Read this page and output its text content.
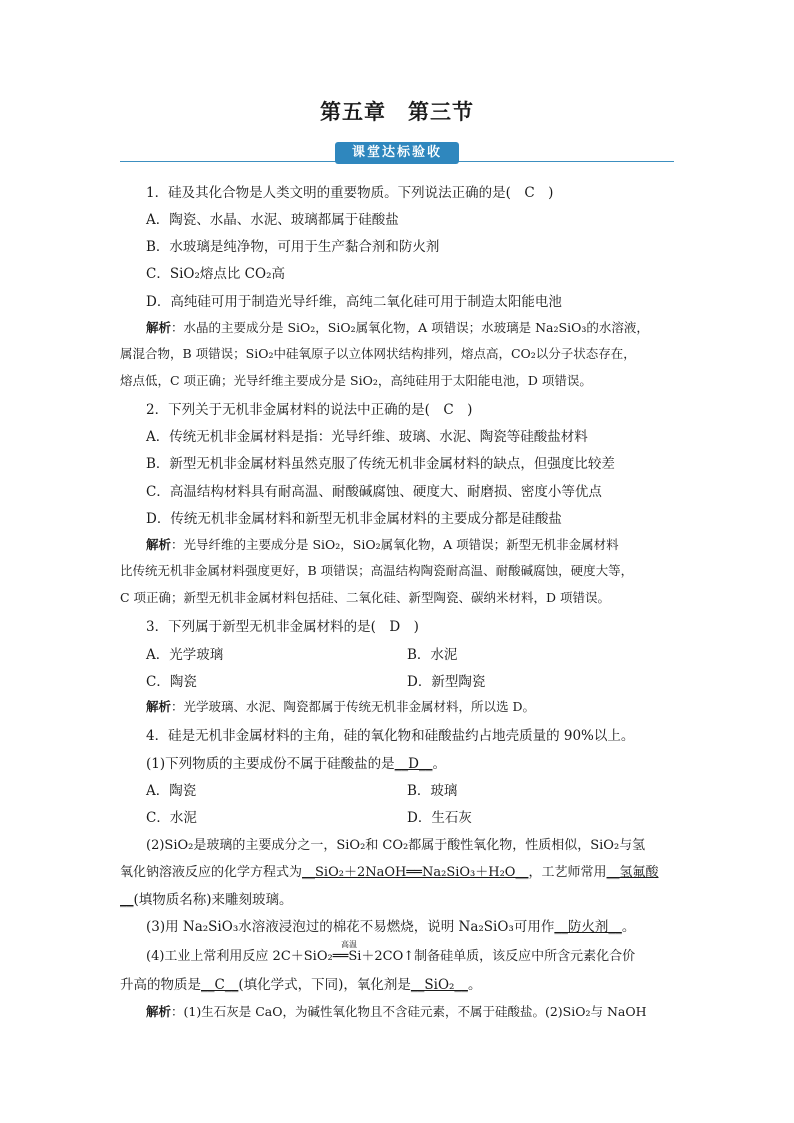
第五章　第三节
课堂达标验收
1．硅及其化合物是人类文明的重要物质。下列说法正确的是(　C　)
A．陶瓷、水晶、水泥、玻璃都属于硅酸盐
B．水玻璃是纯净物，可用于生产黏合剂和防火剂
C．SiO₂熔点比 CO₂高
D．高纯硅可用于制造光导纤维，高纯二氧化硅可用于制造太阳能电池
解析：水晶的主要成分是 SiO₂，SiO₂属氧化物，A 项错误；水玻璃是 Na₂SiO₃的水溶液，
属混合物，B 项错误；SiO₂中硅氧原子以立体网状结构排列，熔点高，CO₂以分子状态存在，
熔点低，C 项正确；光导纤维主要成分是 SiO₂，高纯硅用于太阳能电池，D 项错误。
2．下列关于无机非金属材料的说法中正确的是(　C　)
A．传统无机非金属材料是指：光导纤维、玻璃、水泥、陶瓷等硅酸盐材料
B．新型无机非金属材料虽然克服了传统无机非金属材料的缺点，但强度比较差
C．高温结构材料具有耐高温、耐酸碱腐蚀、硬度大、耐磨损、密度小等优点
D．传统无机非金属材料和新型无机非金属材料的主要成分都是硅酸盐
解析：光导纤维的主要成分是 SiO₂，SiO₂属氧化物，A 项错误；新型无机非金属材料
比传统无机非金属材料强度更好，B 项错误；高温结构陶瓷耐高温、耐酸碱腐蚀，硬度大等，
C 项正确；新型无机非金属材料包括硅、二氧化硅、新型陶瓷、碳纳米材料，D 项错误。
3．下列属于新型无机非金属材料的是(　D　)
A．光学玻璃	B．水泥
C．陶瓷	D．新型陶瓷
解析：光学玻璃、水泥、陶瓷都属于传统无机非金属材料，所以选 D。
4．硅是无机非金属材料的主角，硅的氧化物和硅酸盐约占地壳质量的 90%以上。
(1)下列物质的主要成份不属于硅酸盐的是__D__。
A．陶瓷	B．玻璃
C．水泥	D．生石灰
(2)SiO₂是玻璃的主要成分之一，SiO₂和 CO₂都属于酸性氧化物，性质相似，SiO₂与氢
氧化钠溶液反应的化学方程式为__SiO₂＋2NaOH══Na₂SiO₃＋H₂O__，工艺师常用__氢氟酸
__(填物质名称)来雕刻玻璃。
(3)用 Na₂SiO₃水溶液浸泡过的棉花不易燃烧，说明 Na₂SiO₃可用作__防火剂__。
高温
(4)工业上常利用反应 2C＋SiO₂══Si＋2CO↑制备硅单质，该反应中所含元素化合价
升高的物质是__C__(填化学式，下同)，氧化剂是__SiO₂__。
解析：(1)生石灰是 CaO，为碱性氧化物且不含硅元素，不属于硅酸盐。(2)SiO₂与 NaOH
